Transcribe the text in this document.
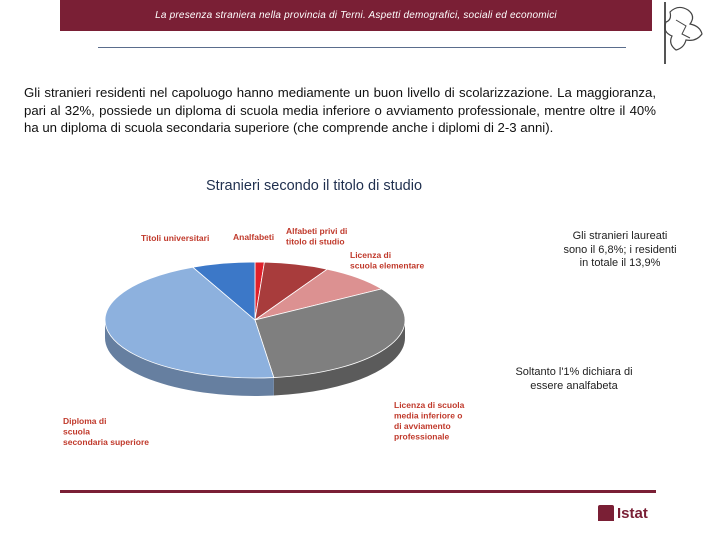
La presenza straniera nella provincia di Terni. Aspetti demografici, sociali ed economici

Gli stranieri residenti nel capoluogo hanno mediamente un buon livello di scolarizzazione. La maggioranza, pari al 32%, possiede un diploma di scuola media inferiore o avviamento professionale, mentre oltre il 40% ha un diploma di scuola secondaria superiore (che comprende anche i diplomi di 2-3 anni).

Stranieri secondo il titolo di studio
Analfabeti
Alfabeti privi di titolo di studio
Licenza di scuola elementare
Licenza di scuola media inferiore o di avviamento professionale
Diploma di scuola secondaria superiore
Titoli universitari	Gli stranieri laureati sono il 6,8%; i residenti in totale il 13,9%
Soltanto l'1% dichiara di essere analfabeta
Istat
